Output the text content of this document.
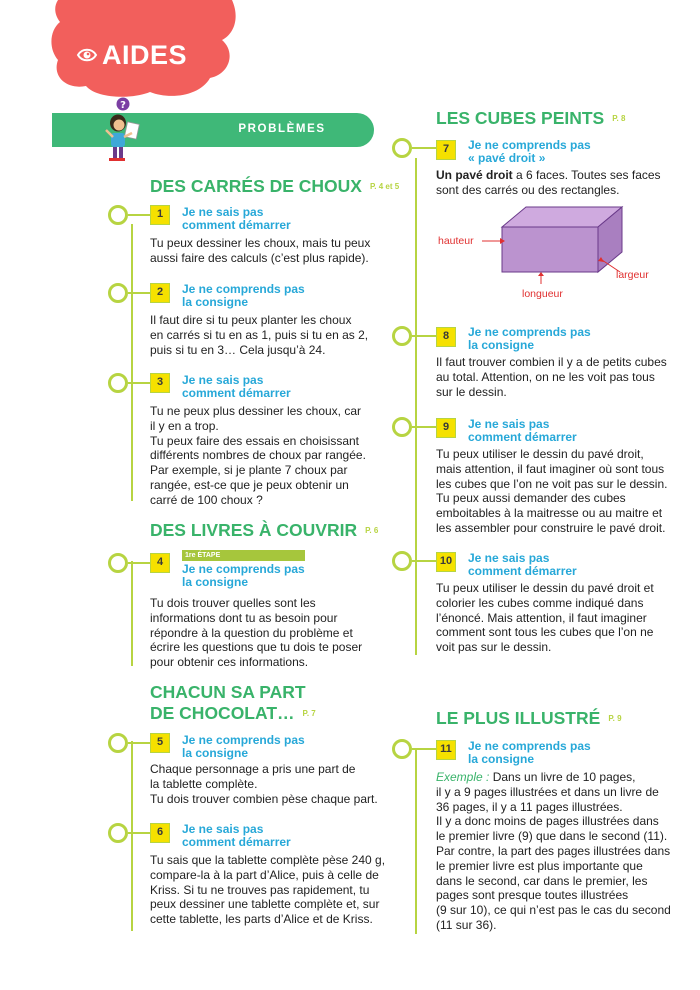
AIDES
PROBLÈMES
?
DES CARRÉS DE CHOUX P. 4 et 5
1	Je ne sais pas
comment démarrer
Tu peux dessiner les choux, mais tu peux
aussi faire des calculs (c’est plus rapide).
2	Je ne comprends pas
la consigne
Il faut dire si tu peux planter les choux
en carrés si tu en as 1, puis si tu en as 2,
puis si tu en 3… Cela jusqu’à 24.
3	Je ne sais pas
comment démarrer
Tu ne peux plus dessiner les choux, car
il y en a trop.
Tu peux faire des essais en choisissant
différents nombres de choux par rangée.
Par exemple, si je plante 7 choux par
rangée, est-ce que je peux obtenir un
carré de 100 choux ?
DES LIVRES À COUVRIR P. 6
4
1re ÉTAPE
Je ne comprends pas
la consigne
Tu dois trouver quelles sont les
informations dont tu as besoin pour
répondre à la question du problème et
écrire les questions que tu dois te poser
pour obtenir ces informations.
CHACUN SA PART
DE CHOCOLAT… P. 7
5	Je ne comprends pas
la consigne
Chaque personnage a pris une part de
la tablette complète.
Tu dois trouver combien pèse chaque part.
6	Je ne sais pas
comment démarrer
Tu sais que la tablette complète pèse 240 g,
compare-la à la part d’Alice, puis à celle de
Kriss. Si tu ne trouves pas rapidement, tu
peux dessiner une tablette complète et, sur
cette tablette, les parts d’Alice et de Kriss.
LES CUBES PEINTS P. 8
7	Je ne comprends pas
« pavé droit »
Un pavé droit a 6 faces. Toutes ses faces
sont des carrés ou des rectangles.
hauteur
largeur
longueur
8	Je ne comprends pas
la consigne
Il faut trouver combien il y a de petits cubes
au total. Attention, on ne les voit pas tous
sur le dessin.
9	Je ne sais pas
comment démarrer
Tu peux utiliser le dessin du pavé droit,
mais attention, il faut imaginer où sont tous
les cubes que l’on ne voit pas sur le dessin.
Tu peux aussi demander des cubes
emboitables à la maitresse ou au maitre et
les assembler pour construire le pavé droit.
10	Je ne sais pas
comment démarrer
Tu peux utiliser le dessin du pavé droit et
colorier les cubes comme indiqué dans
l’énoncé. Mais attention, il faut imaginer
comment sont tous les cubes que l’on ne
voit pas sur le dessin.
LE PLUS ILLUSTRÉ P. 9
11	Je ne comprends pas
la consigne
Exemple : Dans un livre de 10 pages,
il y a 9 pages illustrées et dans un livre de
36 pages, il y a 11 pages illustrées.
Il y a donc moins de pages illustrées dans
le premier livre (9) que dans le second (11).
Par contre, la part des pages illustrées dans
le premier livre est plus importante que
dans le second, car dans le premier, les
pages sont presque toutes illustrées
(9 sur 10), ce qui n’est pas le cas du second
(11 sur 36).
